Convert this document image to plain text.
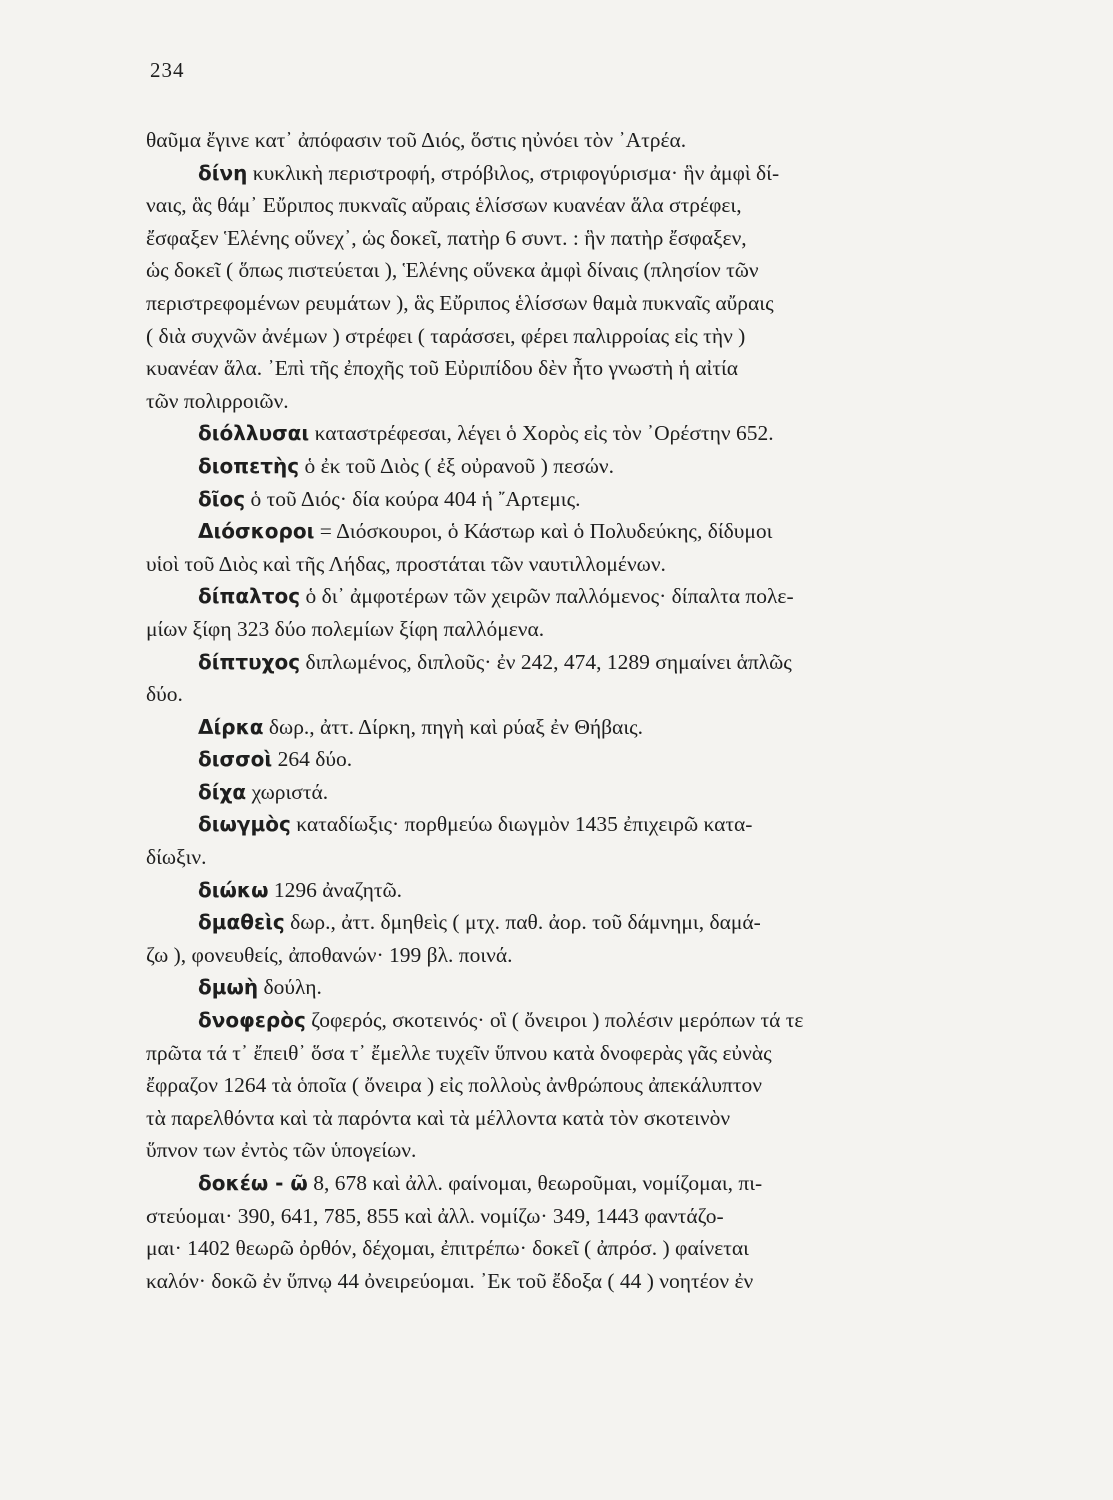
234
θαῦμα ἔγινε κατ᾽ ἀπόφασιν τοῦ Διός, ὅστις ηὐνόει τὸν ᾽Ατρέα.
δίνη κυκλικὴ περιστροφή, στρόβιλος, στριφογύρισμα· ἣν ἀμφὶ δί-
ναις, ἃς θάμ᾽ Εὔριπος πυκναῖς αὔραις ἑλίσσων κυανέαν ἅλα στρέφει,
ἔσφαξεν Ἑλένης οὕνεχ᾽, ὡς δοκεῖ, πατὴρ 6 συντ. : ἣν πατὴρ ἔσφαξεν,
ὡς δοκεῖ ( ὅπως πιστεύεται ), Ἑλένης οὕνεκα ἀμφὶ δίναις (πλησίον τῶν
περιστρεφομένων ρευμάτων ), ἃς Εὔριπος ἑλίσσων θαμὰ πυκναῖς αὔραις
( διὰ συχνῶν ἀνέμων ) στρέφει ( ταράσσει, φέρει παλιρροίας εἰς τὴν )
κυανέαν ἅλα. ᾽Επὶ τῆς ἐποχῆς τοῦ Εὐριπίδου δὲν ἦτο γνωστὴ ἡ αἰτία
τῶν πολιρροιῶν.
διόλλυσαι καταστρέφεσαι, λέγει ὁ Χορὸς εἰς τὸν ᾽Ορέστην 652.
διοπετὴς ὁ ἐκ τοῦ Διὸς ( ἐξ οὐρανοῦ ) πεσών.
δῖος ὁ τοῦ Διός· δία κούρα 404 ἡ ῎Αρτεμις.
Διόσκοροι = Διόσκουροι, ὁ Κάστωρ καὶ ὁ Πολυδεύκης, δίδυμοι
υἱοὶ τοῦ Διὸς καὶ τῆς Λήδας, προστάται τῶν ναυτιλλομένων.
δίπαλτος ὁ δι᾽ ἀμφοτέρων τῶν χειρῶν παλλόμενος· δίπαλτα πολε-
μίων ξίφη 323 δύο πολεμίων ξίφη παλλόμενα.
δίπτυχος διπλωμένος, διπλοῦς· ἐν 242, 474, 1289 σημαίνει ἁπλῶς
δύο.
Δίρκα δωρ., ἀττ. Δίρκη, πηγὴ καὶ ρύαξ ἐν Θήβαις.
δισσοὶ 264 δύο.
δίχα χωριστά.
διωγμὸς καταδίωξις· πορθμεύω διωγμὸν 1435 ἐπιχειρῶ κατα-
δίωξιν.
διώκω 1296 ἀναζητῶ.
δμαθεὶς δωρ., ἀττ. δμηθεὶς ( μτχ. παθ. ἀορ. τοῦ δάμνημι, δαμά-
ζω ), φονευθείς, ἀποθανών· 199 βλ. ποινά.
δμωὴ δούλη.
δνοφερὸς ζοφερός, σκοτεινός· οἳ ( ὄνειροι ) πολέσιν μερόπων τά τε
πρῶτα τά τ᾽ ἔπειθ᾽ ὅσα τ᾽ ἔμελλε τυχεῖν ὕπνου κατὰ δνοφερὰς γᾶς εὐνὰς
ἔφραζον 1264 τὰ ὁποῖα ( ὄνειρα ) εἰς πολλοὺς ἀνθρώπους ἀπεκάλυπτον
τὰ παρελθόντα καὶ τὰ παρόντα καὶ τὰ μέλλοντα κατὰ τὸν σκοτεινὸν
ὕπνον των ἐντὸς τῶν ὑπογείων.
δοκέω - ῶ 8, 678 καὶ ἀλλ. φαίνομαι, θεωροῦμαι, νομίζομαι, πι-
στεύομαι· 390, 641, 785, 855 καὶ ἀλλ. νομίζω· 349, 1443 φαντάζο-
μαι· 1402 θεωρῶ ὀρθόν, δέχομαι, ἐπιτρέπω· δοκεῖ ( ἀπρόσ. ) φαίνεται
καλόν· δοκῶ ἐν ὕπνῳ 44 ὀνειρεύομαι. ᾽Εκ τοῦ ἔδοξα ( 44 ) νοητέον ἐν
